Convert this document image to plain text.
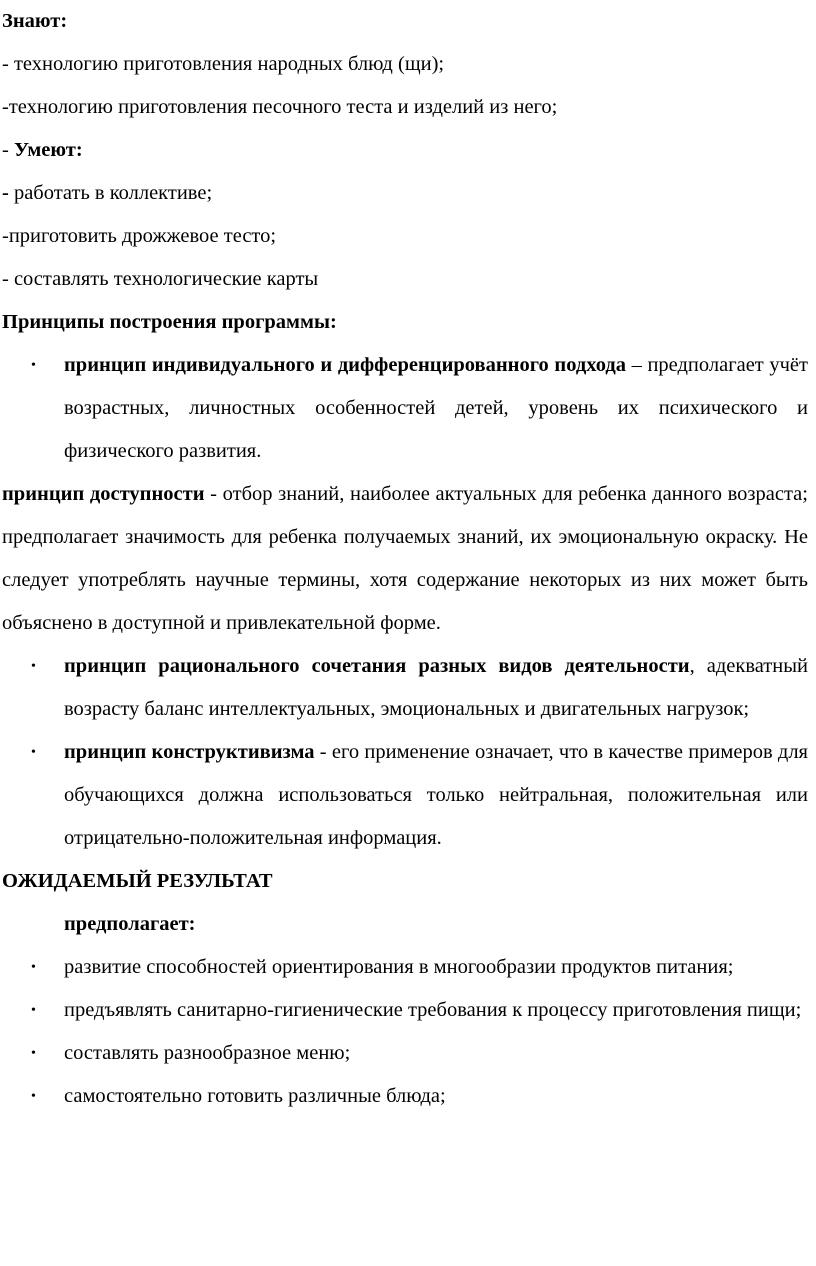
Знают:

- технологию приготовления народных блюд (щи);

-технологию приготовления песочного теста и изделий из него;

- Умеют:

- работать в коллективе;

-приготовить дрожжевое тесто;

- составлять технологические карты

Принципы построения программы:

• принцип индивидуального и дифференцированного подхода – предполагает учёт возрастных, личностных особенностей детей, уровень их психического и физического развития.
принцип доступности - отбор знаний, наиболее актуальных для ребенка данного возраста; предполагает значимость для ребенка получаемых знаний, их эмоциональную окраску. Не следует употреблять научные термины, хотя содержание некоторых из них может быть объяснено в доступной и привлекательной форме.
• принцип рационального сочетания разных видов деятельности, адекватный возрасту баланс интеллектуальных, эмоциональных и двигательных нагрузок;
• принцип конструктивизма - его применение означает, что в качестве примеров для обучающихся должна использоваться только нейтральная, положительная или отрицательно-положительная информация.

ОЖИДАЕМЫЙ РЕЗУЛЬТАТ

предполагает:

• развитие способностей ориентирования в многообразии продуктов питания;
• предъявлять санитарно-гигиенические требования к процессу приготовления пищи;
• составлять разнообразное меню;
• самостоятельно готовить различные блюда;
